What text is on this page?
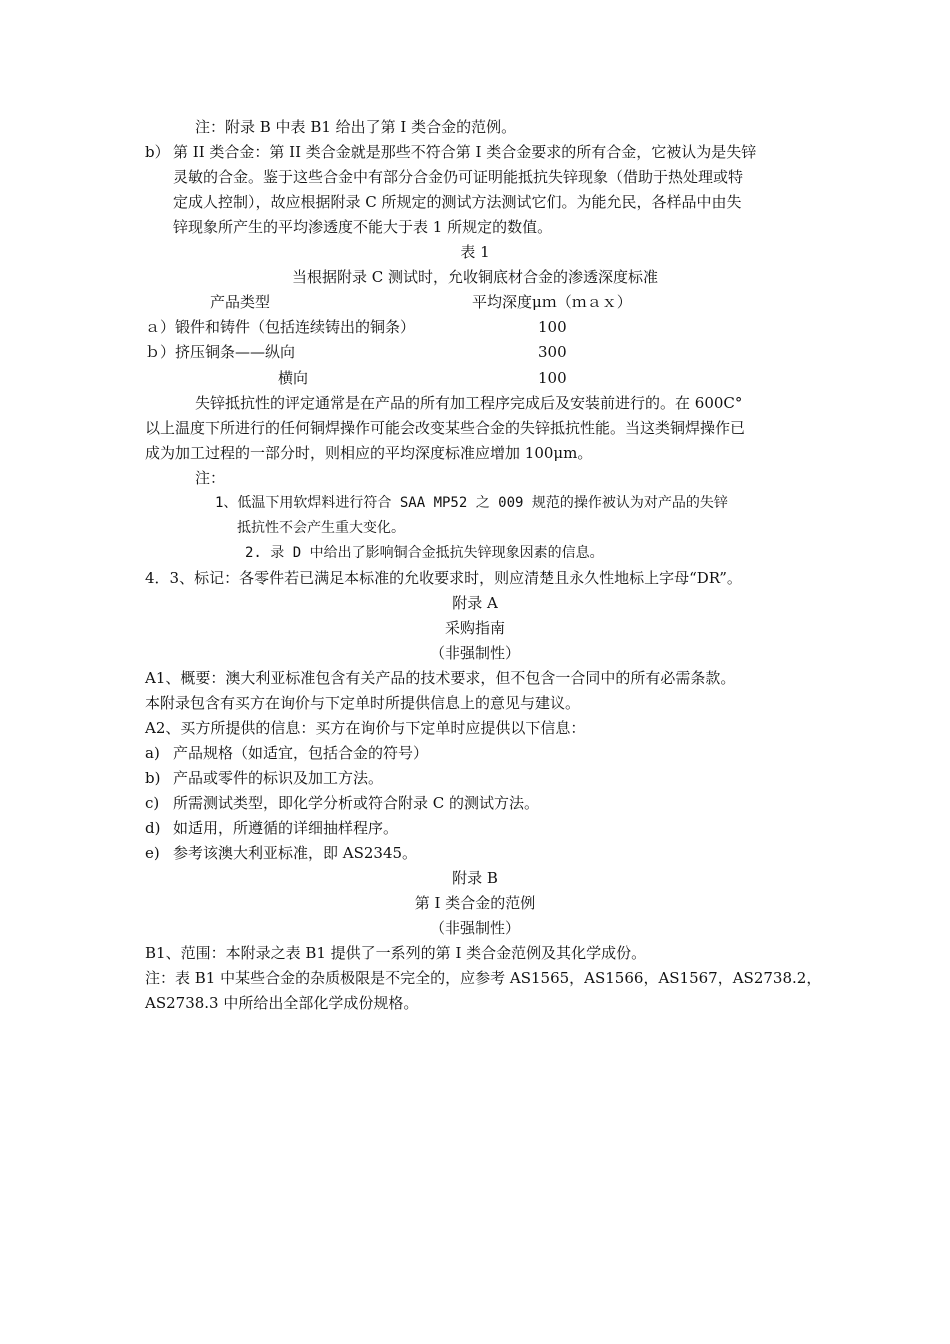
注：附录 B 中表 B1 给出了第 I 类合金的范例。
b） 第 II 类合金：第 II 类合金就是那些不符合第 I 类合金要求的所有合金，它被认为是失锌
灵敏的合金。鉴于这些合金中有部分合金仍可证明能抵抗失锌现象（借助于热处理或特
定成人控制），故应根据附录 C 所规定的测试方法测试它们。为能允民，各样品中由失
锌现象所产生的平均渗透度不能大于表 1 所规定的数值。
表 1
当根据附录 C 测试时，允收铜底材合金的渗透深度标准
产品类型	平均深度μｍ（ｍａｘ）
ａ）锻件和铸件（包括连续铸出的铜条）	100
ｂ）挤压铜条——纵向	300
横向	100
失锌抵抗性的评定通常是在产品的所有加工程序完成后及安装前进行的。在 600C°
以上温度下所进行的任何铜焊操作可能会改变某些合金的失锌抵抗性能。当这类铜焊操作已
成为加工过程的一部分时，则相应的平均深度标准应增加 100μm。
注：
1、低温下用软焊料进行符合 SAA MP52 之 009 规范的操作被认为对产品的失锌
抵抗性不会产生重大变化。
2. 录 D 中给出了影响铜合金抵抗失锌现象因素的信息。
4．3、标记：各零件若已满足本标准的允收要求时，则应清楚且永久性地标上字母“DR”。
附录 A
采购指南
（非强制性）
A1、概要：澳大利亚标准包含有关产品的技术要求，但不包含一合同中的所有必需条款。
本附录包含有买方在询价与下定单时所提供信息上的意见与建议。
A2、买方所提供的信息：买方在询价与下定单时应提供以下信息：
a) 产品规格（如适宜，包括合金的符号）
b) 产品或零件的标识及加工方法。
c) 所需测试类型，即化学分析或符合附录 C 的测试方法。
d) 如适用，所遵循的详细抽样程序。
e) 参考该澳大利亚标准，即 AS2345。
附录 B
第 I 类合金的范例
（非强制性）
B1、范围：本附录之表 B1 提供了一系列的第 I 类合金范例及其化学成份。
注：表 B1 中某些合金的杂质极限是不完全的，应参考 AS1565，AS1566，AS1567，AS2738.2，
AS2738.3 中所给出全部化学成份规格。
